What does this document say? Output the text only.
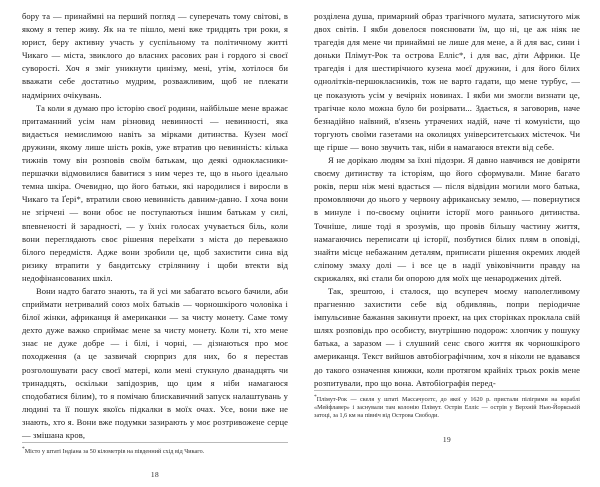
бору та — принаймні на перший погляд — суперечать тому світові, в якому я тепер живу. Як на те пішло, мені вже тридцять три роки, я юрист, беру активну участь у суспільному та політичному житті Чикаго — міста, звиклого до власних расових ран і гордого зі своєї суворості. Хоч я зміг уникнути цинізму, мені, утім, хотілося би вважати себе достатньо мудрим, розважливим, щоб не плекати надмірних очікувань.

Та коли я думаю про історію своєї родини, найбільше мене вражає притаманний усім нам різновид невинності — невинності, яка видається немислимою навіть за мірками дитинства. Кузен моєї дружини, якому лише шість років, уже втратив цю невинність: кілька тижнів тому він розповів своїм батькам, що деякі однокласники-першачки відмовилися бавитися з ним через те, що в нього ідеально темна шкіра. Очевидно, що його батьки, які народилися і виросли в Чикаго та Ґері*, втратили свою невинність давним-давно. І хоча вони не згірчені — вони обоє не поступаються іншим батькам у силі, впевненості й зарадності, — у їхніх голосах учувається біль, коли вони переглядають своє рішення переїхати з міста до переважно білого передмістя. Адже вони зробили це, щоб захистити сина від ризику втрапити у бандитську стрілянину і щоби втекти від недофінансованих шкіл.

Вони надто багато знають, та й усі ми забагато всього бачили, аби сприймати нетривалий союз моїх батьків — чорношкірого чоловіка і білої жінки, африканця й американки — за чисту монету. Саме тому дехто дуже важко сприймає мене за чисту монету. Коли ті, хто мене знає не дуже добре — і білі, і чорні, — дізнаються про моє походження (а це зазвичай сюрприз для них, бо я перестав розголошувати расу своєї матері, коли мені стукнуло дванадцять чи тринадцять, оскільки запідозрив, що цим я ніби намагаюся сподобатися білим), то я помічаю блискавичний запуск налаштувань у людині та її пошук якоїсь підкалки в моїх очах. Усе, вони вже не знають, хто я. Вони вже подумки зазирають у моє розтривожене серце — змішана кров,

*Місто у штаті Індіана за 50 кілометрів на південний схід від Чикаго.

18

розділена душа, примарний образ трагічного мулата, затиснутого між двох світів. І якби довелося пояснювати їм, що ні, це аж ніяк не трагедія для мене чи принаймні не лише для мене, а й для вас, сини і доньки Плімут-Рок та острова Елліс*, і для вас, діти Африки. Це трагедія і для шестирічного кузена моєї дружини, і для його білих однолітків-першокласників, тож не варто гадати, що мене турбує, — це показують усім у вечірніх новинах. І якби ми змогли визнати це, трагічне коло можна було би розірвати... Здається, я заговорив, наче безнадійно наївний, в'язень утрачених надій, наче ті комуністи, що торгують своїми газетами на околицях університетських містечок. Чи ще гірше — воно звучить так, ніби я намагаюся втекти від себе.

Я не дорікаю людям за їхні підозри. Я давно навчився не довіряти своєму дитинству та історіям, що його сформували. Мине багато років, перш ніж мені вдасться — після відвідин могили мого батька, промовляючи до нього у червону африканську землю, — повернутися в минуле і по-своєму оцінити історії мого раннього дитинства. Точніше, лише тоді я зрозумів, що провів більшу частину життя, намагаючись переписати ці історії, позбутися білих плям в оповіді, знайти місце небажаним деталям, приписати рішення окремих людей сліпому змаху долі — і все це в надії увіковічнити правду на скрижалях, які стали би опорою для моїх ще ненароджених дітей.

Так, зрештою, і сталося, що всупереч моєму наполегливому прагненню захистити себе від обдивлянь, попри періодичне імпульсивне бажання закинути проект, на цих сторінках проклала свій шлях розповідь про особисту, внутрішню подорож: хлопчик у пошуку батька, а заразом — і слушний сенс свого життя як чорношкірого американця. Текст вийшов автобіографічним, хоч я ніколи не вдавався до такого означення книжки, коли протягом крайніх трьох років мене розпитували, про що вона. Автобіографія перед-

*Плімут-Рок — скеля у штаті Массачусетс, до якої у 1620 р. пристали пілігрими на кораблі «Мейфлавер» і заснували там колонію Плімут. Острів Елліс — острів у Верхній Нью-Йоркській затоці, за 1,6 км на північ від Острова Свободи.

19
